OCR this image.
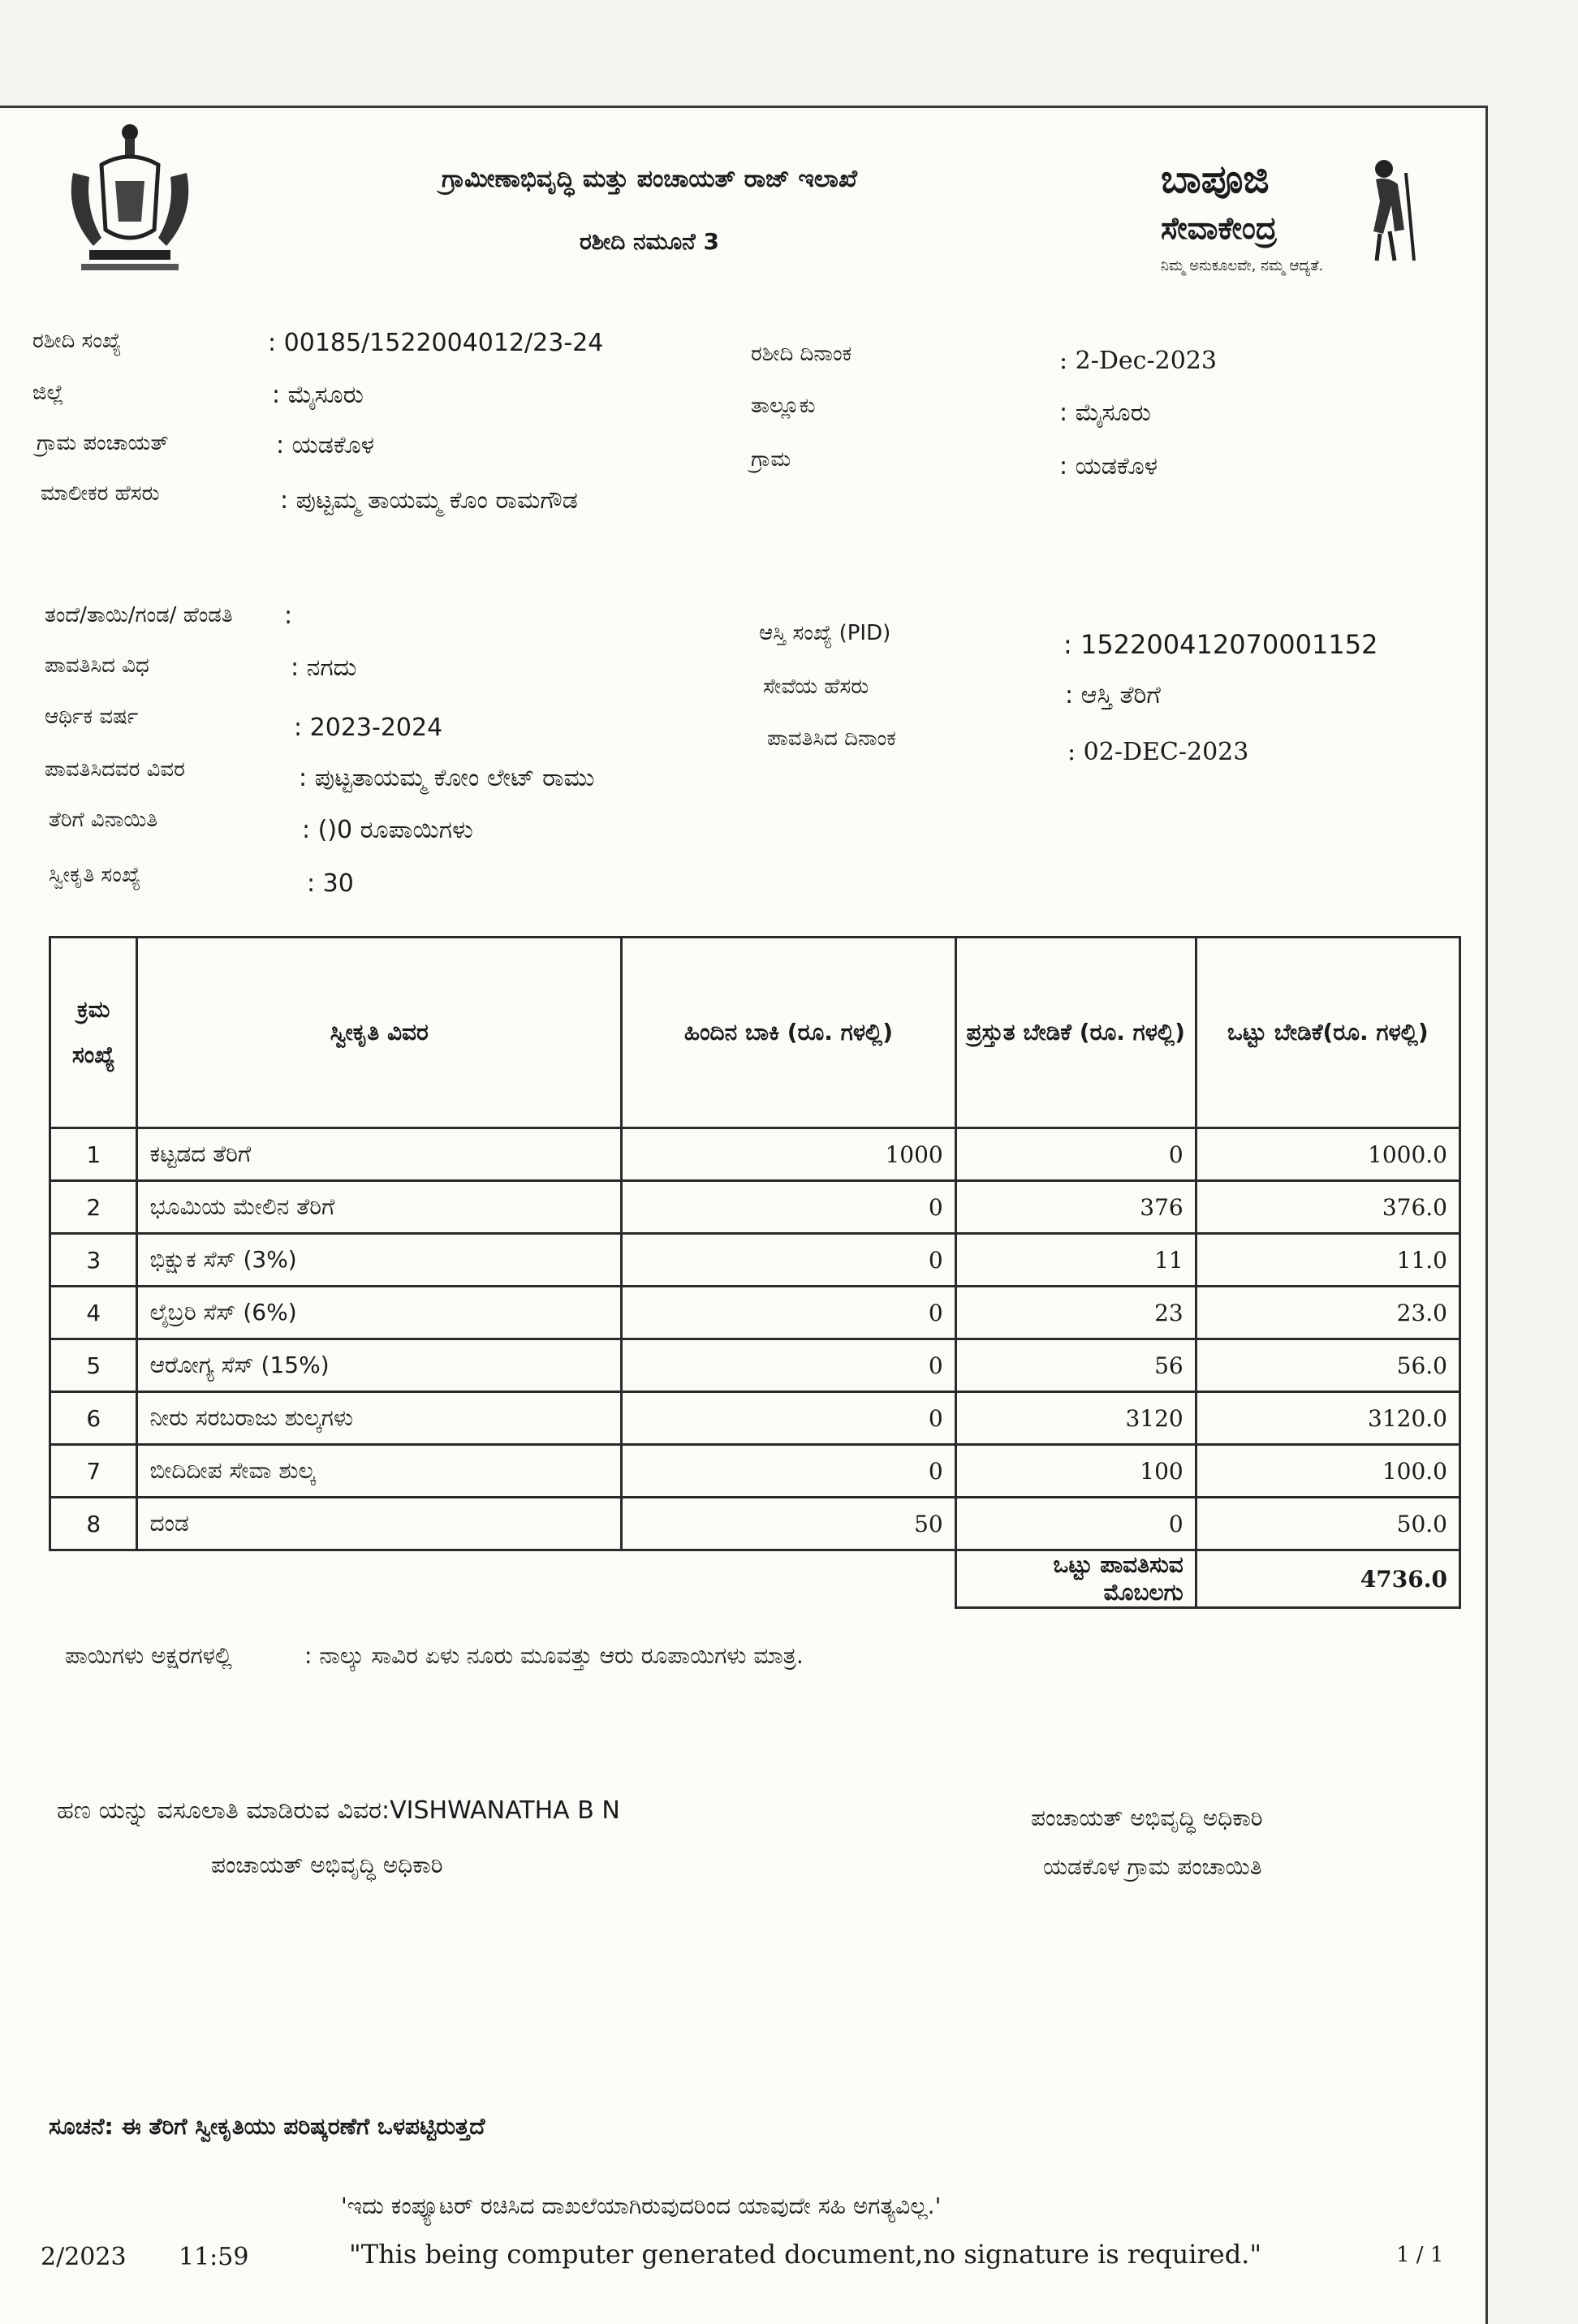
ಗ್ರಾಮೀಣಾಭಿವೃದ್ಧಿ ಮತ್ತು ಪಂಚಾಯತ್ ರಾಜ್ ಇಲಾಖೆ
ರಶೀದಿ ನಮೂನೆ 3
ಬಾಪೂಜಿ
ಸೇವಾಕೇಂದ್ರ
ನಿಮ್ಮ ಅನುಕೂಲವೇ, ನಮ್ಮ ಆದ್ಯತೆ.
ರಶೀದಿ ಸಂಖ್ಯೆ	: 00185/1522004012/23-24
ಜಿಲ್ಲೆ	: ಮೈಸೂರು
ಗ್ರಾಮ ಪಂಚಾಯತ್	: ಯಡಕೊಳ
ಮಾಲೀಕರ ಹೆಸರು	: ಪುಟ್ಟಮ್ಮ ತಾಯಮ್ಮ ಕೊಂ ರಾಮಗೌಡ
ತಂದೆ/ತಾಯಿ/ಗಂಡ/ ಹೆಂಡತಿ :
ಪಾವತಿಸಿದ ವಿಧ	: ನಗದು
ಆರ್ಥಿಕ ವರ್ಷ	: 2023-2024
ಪಾವತಿಸಿದವರ ವಿವರ	: ಪುಟ್ಟತಾಯಮ್ಮ ಕೋಂ ಲೇಟ್ ರಾಮು
ತೆರಿಗೆ ವಿನಾಯಿತಿ	: ()0 ರೂಪಾಯಿಗಳು
ಸ್ವೀಕೃತಿ ಸಂಖ್ಯೆ	: 30
ರಶೀದಿ ದಿನಾಂಕ	: 2-Dec-2023
ತಾಲ್ಲೂಕು	: ಮೈಸೂರು
ಗ್ರಾಮ	: ಯಡಕೊಳ
ಆಸ್ತಿ ಸಂಖ್ಯೆ (PID)	: 152200412070001152
ಸೇವೆಯ ಹೆಸರು	: ಆಸ್ತಿ ತೆರಿಗೆ
ಪಾವತಿಸಿದ ದಿನಾಂಕ	: 02-DEC-2023
ಕ್ರಮ ಸಂಖ್ಯೆ	ಸ್ವೀಕೃತಿ ವಿವರ	ಹಿಂದಿನ ಬಾಕಿ (ರೂ. ಗಳಲ್ಲಿ)	ಪ್ರಸ್ತುತ ಬೇಡಿಕೆ (ರೂ. ಗಳಲ್ಲಿ)	ಒಟ್ಟು ಬೇಡಿಕೆ(ರೂ. ಗಳಲ್ಲಿ)
1	ಕಟ್ಟಡದ ತೆರಿಗೆ	1000	0	1000.0
2	ಭೂಮಿಯ ಮೇಲಿನ ತೆರಿಗೆ	0	376	376.0
3	ಭಿಕ್ಷುಕ ಸೆಸ್ (3%)	0	11	11.0
4	ಲೈಬ್ರರಿ ಸೆಸ್ (6%)	0	23	23.0
5	ಆರೋಗ್ಯ ಸೆಸ್ (15%)	0	56	56.0
6	ನೀರು ಸರಬರಾಜು ಶುಲ್ಕಗಳು	0	3120	3120.0
7	ಬೀದಿದೀಪ ಸೇವಾ ಶುಲ್ಕ	0	100	100.0
8	ದಂಡ	50	0	50.0
			ಒಟ್ಟು ಪಾವತಿಸುವ ಮೊಬಲಗು	4736.0
ಪಾಯಿಗಳು ಅಕ್ಷರಗಳಲ್ಲಿ	: ನಾಲ್ಕು ಸಾವಿರ ಏಳು ನೂರು ಮೂವತ್ತು ಆರು ರೂಪಾಯಿಗಳು ಮಾತ್ರ.
ಹಣ ಯನ್ನು ವಸೂಲಾತಿ ಮಾಡಿರುವ ವಿವರ:VISHWANATHA B N
ಪಂಚಾಯತ್ ಅಭಿವೃದ್ಧಿ ಅಧಿಕಾರಿ
ಪಂಚಾಯತ್ ಅಭಿವೃದ್ಧಿ ಅಧಿಕಾರಿ
ಯಡಕೊಳ ಗ್ರಾಮ ಪಂಚಾಯಿತಿ
ಸೂಚನೆ: ಈ ತೆರಿಗೆ ಸ್ವೀಕೃತಿಯು ಪರಿಷ್ಕರಣೆಗೆ ಒಳಪಟ್ಟಿರುತ್ತದೆ
'ಇದು ಕಂಪ್ಯೂಟರ್ ರಚಿಸಿದ ದಾಖಲೆಯಾಗಿರುವುದರಿಂದ ಯಾವುದೇ ಸಹಿ ಅಗತ್ಯವಿಲ್ಲ.'
"This being computer generated document,no signature is required."
2/2023 11:59	1 / 1
